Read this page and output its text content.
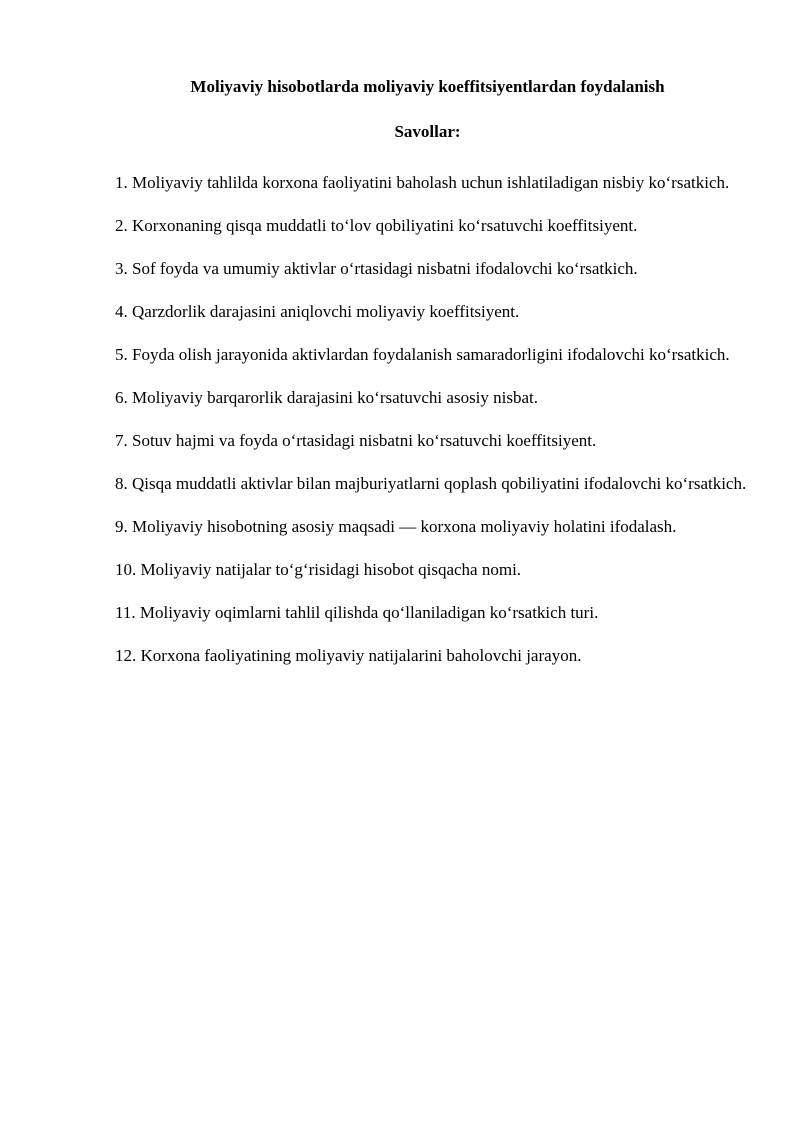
Moliyaviy hisobotlarda moliyaviy koeffitsiyentlardan foydalanish
Savollar:
1. Moliyaviy tahlilda korxona faoliyatini baholash uchun ishlatiladigan nisbiy ko‘rsatkich.
2. Korxonaning qisqa muddatli to‘lov qobiliyatini ko‘rsatuvchi koeffitsiyent.
3. Sof foyda va umumiy aktivlar o‘rtasidagi nisbatni ifodalovchi ko‘rsatkich.
4. Qarzdorlik darajasini aniqlovchi moliyaviy koeffitsiyent.
5. Foyda olish jarayonida aktivlardan foydalanish samaradorligini ifodalovchi ko‘rsatkich.
6. Moliyaviy barqarorlik darajasini ko‘rsatuvchi asosiy nisbat.
7. Sotuv hajmi va foyda o‘rtasidagi nisbatni ko‘rsatuvchi koeffitsiyent.
8. Qisqa muddatli aktivlar bilan majburiyatlarni qoplash qobiliyatini ifodalovchi ko‘rsatkich.
9. Moliyaviy hisobotning asosiy maqsadi — korxona moliyaviy holatini ifodalash.
10. Moliyaviy natijalar to‘g‘risidagi hisobot qisqacha nomi.
11. Moliyaviy oqimlarni tahlil qilishda qo‘llaniladigan ko‘rsatkich turi.
12. Korxona faoliyatining moliyaviy natijalarini baholovchi jarayon.
